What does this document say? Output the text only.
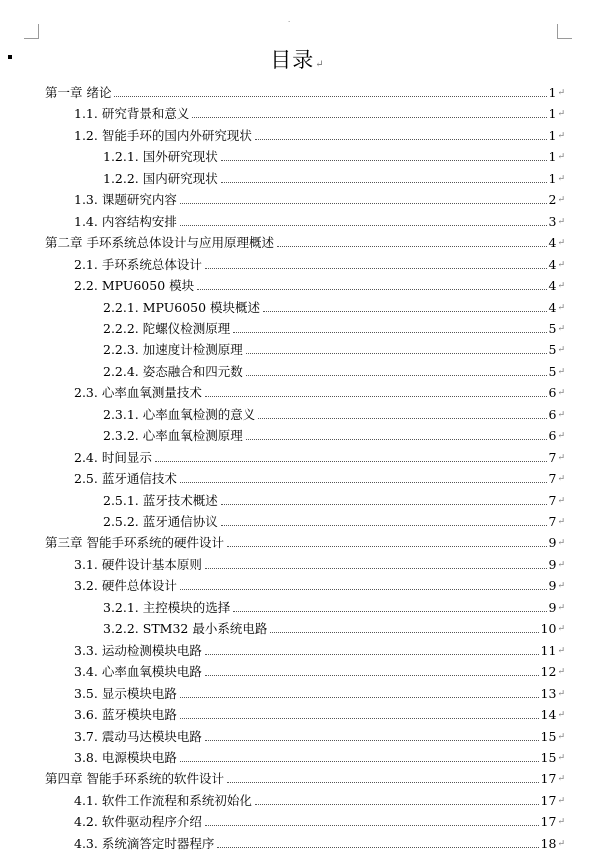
·
目录↵
第一章 绪论	1 ↵
1.1. 研究背景和意义	1 ↵
1.2. 智能手环的国内外研究现状	1 ↵
1.2.1. 国外研究现状	1 ↵
1.2.2. 国内研究现状	1 ↵
1.3. 课题研究内容	2 ↵
1.4. 内容结构安排	3 ↵
第二章 手环系统总体设计与应用原理概述	4 ↵
2.1. 手环系统总体设计	4 ↵
2.2. MPU6050 模块	4 ↵
2.2.1. MPU6050 模块概述	4 ↵
2.2.2. 陀螺仪检测原理	5 ↵
2.2.3. 加速度计检测原理	5 ↵
2.2.4. 姿态融合和四元数	5 ↵
2.3. 心率血氧测量技术	6 ↵
2.3.1. 心率血氧检测的意义	6 ↵
2.3.2. 心率血氧检测原理	6 ↵
2.4. 时间显示	7 ↵
2.5. 蓝牙通信技术	7 ↵
2.5.1. 蓝牙技术概述	7 ↵
2.5.2. 蓝牙通信协议	7 ↵
第三章 智能手环系统的硬件设计	9 ↵
3.1. 硬件设计基本原则	9 ↵
3.2. 硬件总体设计	9 ↵
3.2.1. 主控模块的选择	9 ↵
3.2.2. STM32 最小系统电路	10 ↵
3.3. 运动检测模块电路	11 ↵
3.4. 心率血氧模块电路	12 ↵
3.5. 显示模块电路	13 ↵
3.6. 蓝牙模块电路	14 ↵
3.7. 震动马达模块电路	15 ↵
3.8. 电源模块电路	15 ↵
第四章 智能手环系统的软件设计	17 ↵
4.1. 软件工作流程和系统初始化	17 ↵
4.2. 软件驱动程序介绍	17 ↵
4.3. 系统滴答定时器程序	18 ↵
